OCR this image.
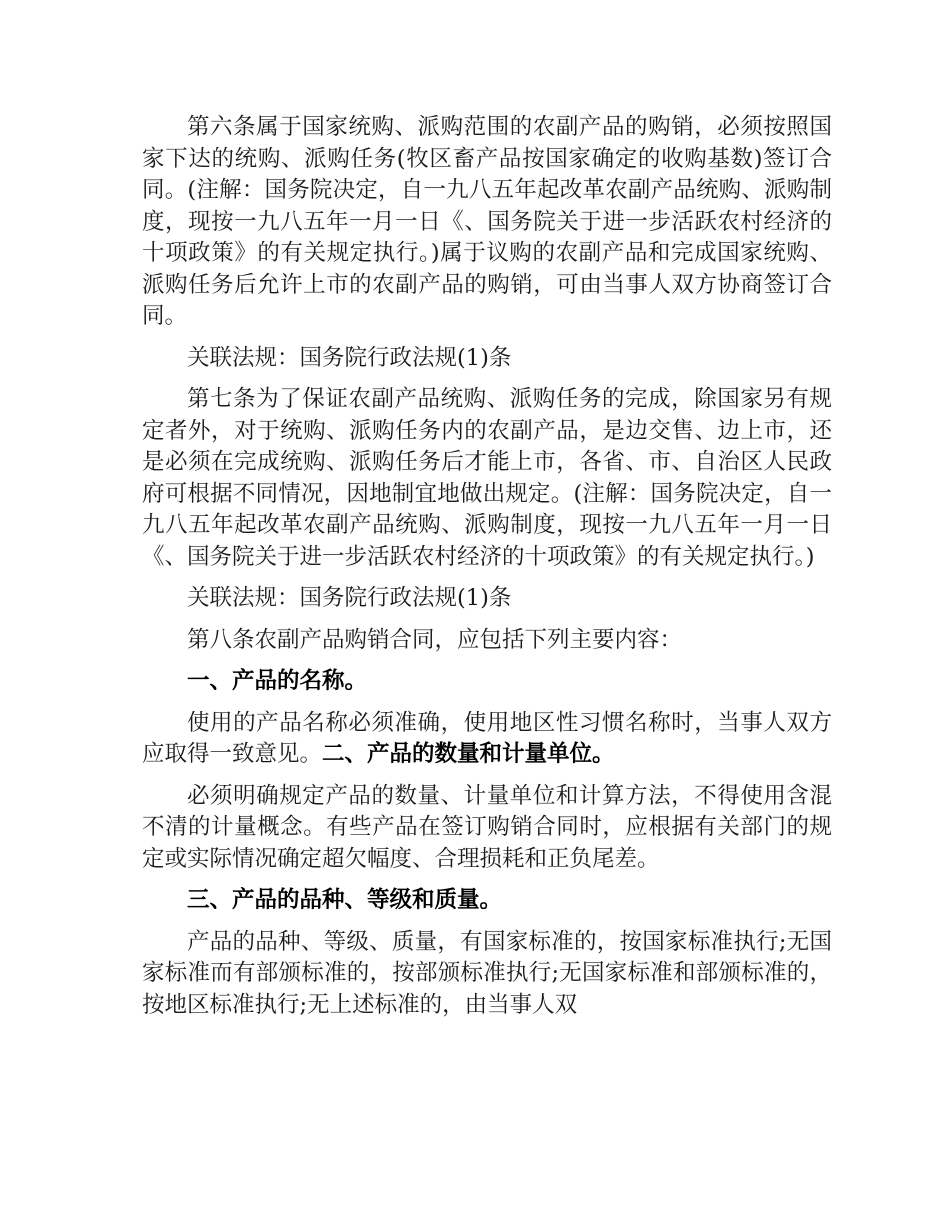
第六条属于国家统购、派购范围的农副产品的购销，必须按照国家下达的统购、派购任务(牧区畜产品按国家确定的收购基数)签订合同。(注解：国务院决定，自一九八五年起改革农副产品统购、派购制度，现按一九八五年一月一日《、国务院关于进一步活跃农村经济的十项政策》的有关规定执行。)属于议购的农副产品和完成国家统购、派购任务后允许上市的农副产品的购销，可由当事人双方协商签订合同。

关联法规：国务院行政法规(1)条

第七条为了保证农副产品统购、派购任务的完成，除国家另有规定者外，对于统购、派购任务内的农副产品，是边交售、边上市，还是必须在完成统购、派购任务后才能上市，各省、市、自治区人民政府可根据不同情况，因地制宜地做出规定。(注解：国务院决定，自一九八五年起改革农副产品统购、派购制度，现按一九八五年一月一日《、国务院关于进一步活跃农村经济的十项政策》的有关规定执行。)

关联法规：国务院行政法规(1)条

第八条农副产品购销合同，应包括下列主要内容：

一、产品的名称。

使用的产品名称必须准确，使用地区性习惯名称时，当事人双方应取得一致意见。二、产品的数量和计量单位。

必须明确规定产品的数量、计量单位和计算方法，不得使用含混不清的计量概念。有些产品在签订购销合同时，应根据有关部门的规定或实际情况确定超欠幅度、合理损耗和正负尾差。

三、产品的品种、等级和质量。

产品的品种、等级、质量，有国家标准的，按国家标准执行;无国家标准而有部颁标准的，按部颁标准执行;无国家标准和部颁标准的，按地区标准执行;无上述标准的，由当事人双
